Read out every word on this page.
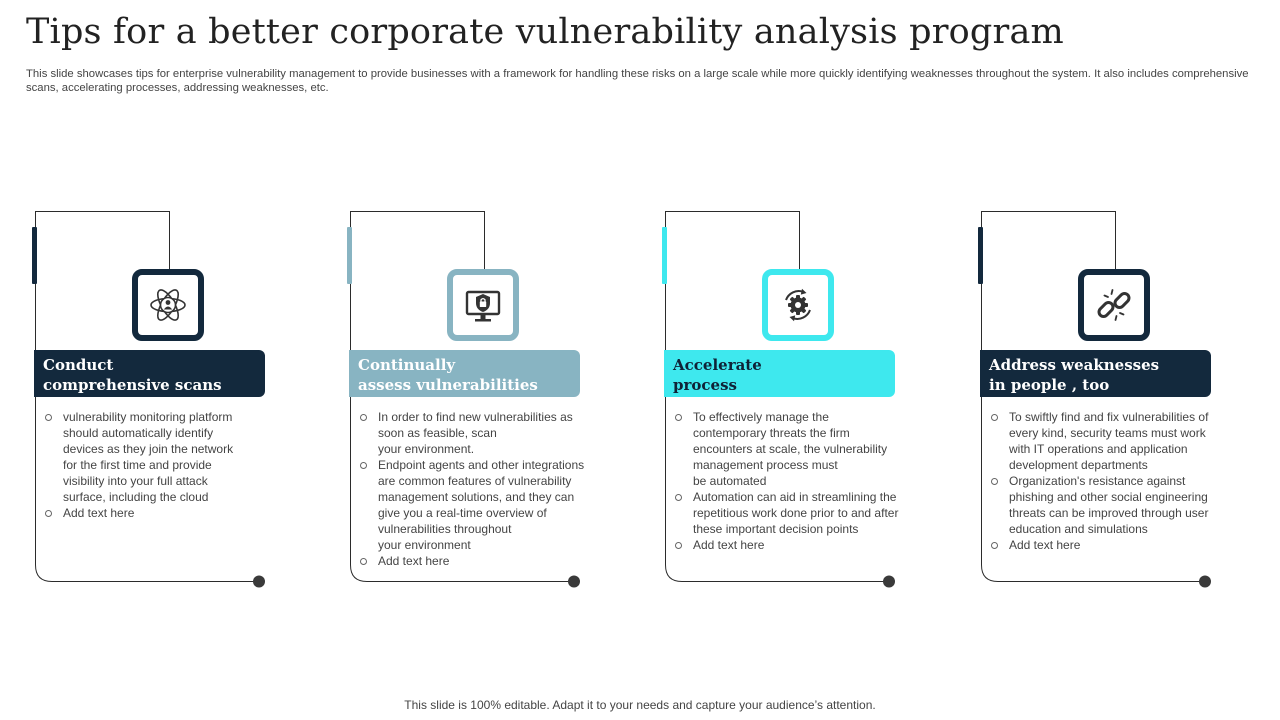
Tips for a better corporate vulnerability analysis program

This slide showcases tips for enterprise vulnerability management to provide businesses with a framework for handling these risks on a large scale while more quickly identifying weaknesses throughout the system. It also includes comprehensive scans, accelerating processes, addressing weaknesses, etc.

Conduct
comprehensive scans
vulnerability monitoring platform
should automatically identify
devices as they join the network
for the first time and provide
visibility into your full attack
surface, including the cloud
Add text here
Continually
assess vulnerabilities
In order to find new vulnerabilities as
soon as feasible, scan
your environment.
Endpoint agents and other integrations
are common features of vulnerability
management solutions, and they can
give you a real-time overview of
vulnerabilities throughout
your environment
Add text here
Accelerate
process
To effectively manage the
contemporary threats the firm
encounters at scale, the vulnerability
management process must
be automated
Automation can aid in streamlining the
repetitious work done prior to and after
these important decision points
Add text here
Address weaknesses
in people , too
To swiftly find and fix vulnerabilities of
every kind, security teams must work
with IT operations and application
development departments
Organization's resistance against
phishing and other social engineering
threats can be improved through user
education and simulations
Add text here
This slide is 100% editable. Adapt it to your needs and capture your audience’s attention.
